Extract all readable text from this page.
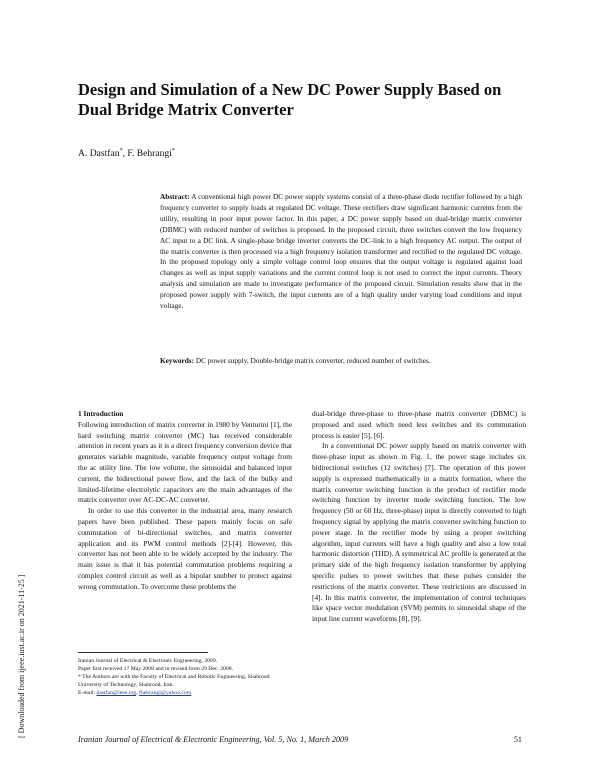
Design and Simulation of a New DC Power Supply Based on Dual Bridge Matrix Converter
A. Dastfan*, F. Behrangi*
Abstract: A conventional high power DC power supply systems consist of a three-phase diode rectifier followed by a high frequency converter to supply loads at regulated DC voltage. These rectifiers draw significant harmonic currents from the utility, resulting in poor input power factor. In this paper, a DC power supply based on dual-bridge matrix converter (DBMC) with reduced number of switches is proposed. In the proposed circuit, three switches convert the low frequency AC input to a DC link. A single-phase bridge inverter converts the DC-link to a high frequency AC output. The output of the matrix converter is then processed via a high frequency isolation transformer and rectified to the regulated DC voltage. In the proposed topology only a simple voltage control loop ensures that the output voltage is regulated against load changes as well as input supply variations and the current control loop is not used to correct the input currents. Theory analysis and simulation are made to investigate performance of the proposed circuit. Simulation results show that in the proposed power supply with 7-switch, the input currents are of a high quality under varying load conditions and input voltage.
Keywords: DC power supply, Double-bridge matrix converter, reduced number of switches.
1 Introduction

Following introduction of matrix converter in 1980 by Venturini [1], the hard switching matrix converter (MC) has received considerable attention in recent years as it is a direct frequency conversion device that generates variable magnitude, variable frequency output voltage from the ac utility line. The low volume, the sinusoidal and balanced input current, the bidirectional power flow, and the lack of the bulky and limited-lifetime electrolytic capacitors are the main advantages of the matrix converter over AC-DC-AC converter.

In order to use this converter in the industrial area, many research papers have been published. These papers mainly focus on safe commutation of bi-directional switches, and matrix converter application and its PWM control methods [2]-[4]. However, this converter has not been able to be widely accepted by the industry. The main issue is that it has potential commutation problems requiring a complex control circuit as well as a bipolar snubber to protect against wrong commutation. To overcome these problems the

dual-bridge three-phase to three-phase matrix converter (DBMC) is proposed and used which need less switches and its commutation process is easier [5], [6].

In a conventional DC power supply based on matrix converter with three-phase input as shown in Fig. 1, the power stage includes six bidirectional switches (12 switches) [7]. The operation of this power supply is expressed mathematically in a matrix formation, where the matrix converter switching function is the product of rectifier mode switching function by inverter mode switching function. The low frequency (50 or 60 Hz, three-phase) input is directly converted to high frequency signal by applying the matrix converter switching function to power stage. In the rectifier mode by using a proper switching algorithm, input currents will have a high quality and also a low total harmonic distortion (THD). A symmetrical AC profile is generated at the primary side of the high frequency isolation transformer by applying specific pulses to power switches that these pulses consider the restrictions of the matrix converter. These restrictions are discussed in [4]. In this matrix converter, the implementation of control techniques like space vector modulation (SVM) permits to sinusoidal shape of the input line current waveforms [8], [9].

Iranian Journal of Electrical & Electronic Engineering, 2009.
Paper first received 17 May 2008 and in revised form 29 Dec. 2008.
* The Authors are with the Faculty of Electrical and Robotic Engineering, Shahrood University of Technology, Shahrood, Iran.
E-mail: dastfan@ieee.org, fbehrangi@yahoo.com
Iranian Journal of Electrical & Electronic Engineering, Vol. 5, No. 1, March 2009	51
[ Downloaded from ijeee.iust.ac.ir on 2021-11-25 ]
